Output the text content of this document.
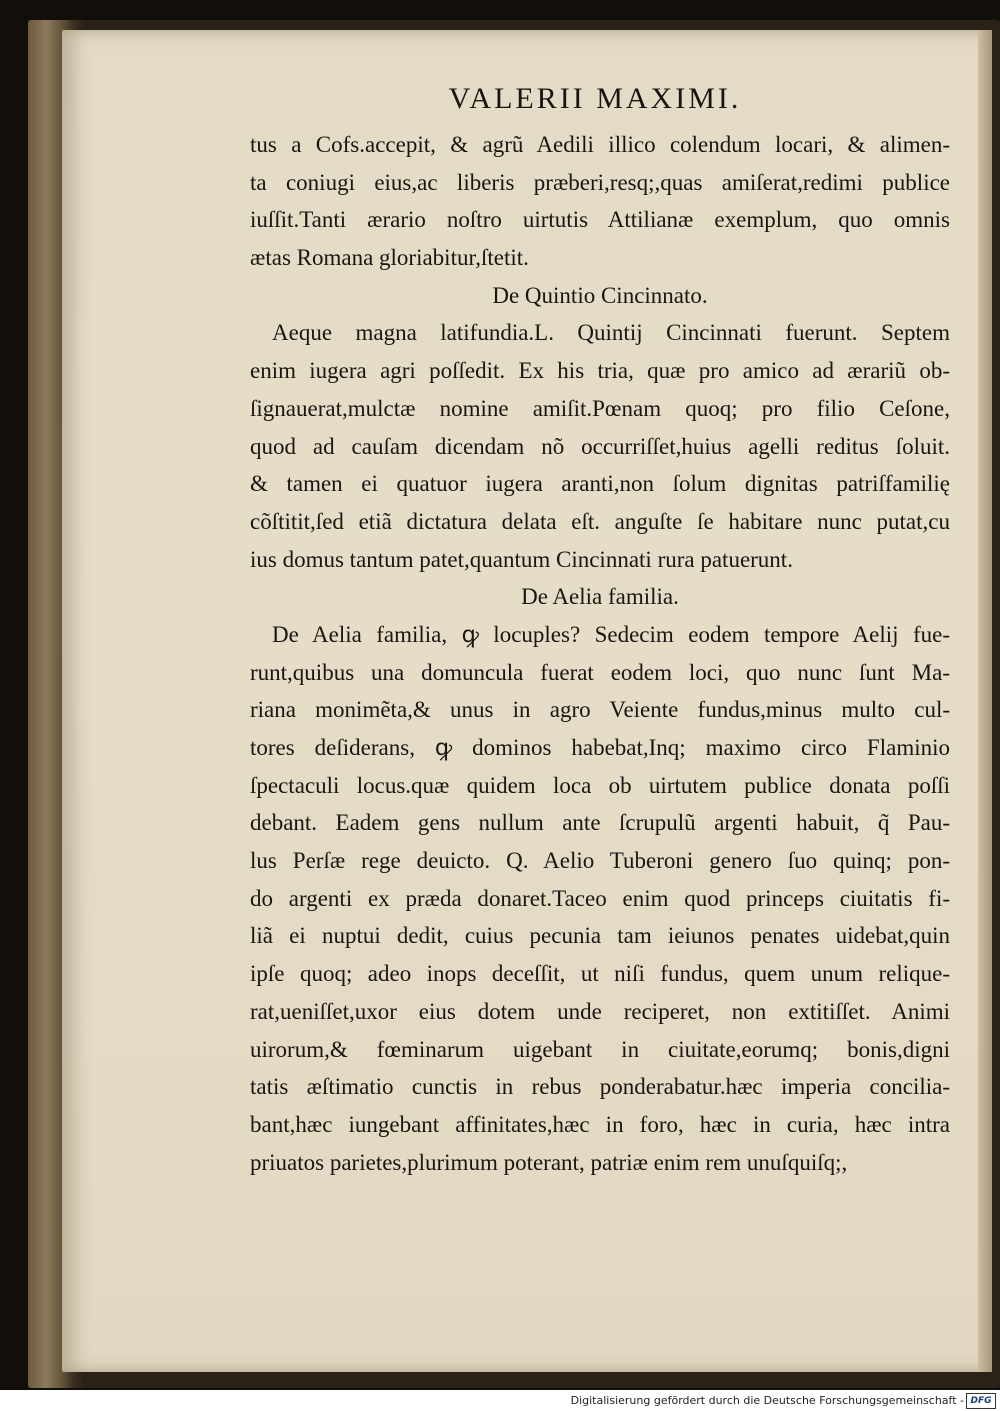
VALERII MAXIMI.
tus a Cofs.accepit, & agrũ Aedili illico colendum locari, & alimen-
ta coniugi eius,ac liberis præberi,resq;,quas amiſerat,redimi publice
iuſſit.Tanti ærario noſtro uirtutis Attilianæ exemplum, quo omnis
ætas Romana gloriabitur,ſtetit.
De Quintio Cincinnato.
Aeque magna latifundia.L. Quintij Cincinnati fuerunt. Septem
enim iugera agri poſſedit. Ex his tria, quæ pro amico ad ærariũ ob-
ſignauerat,mulctæ nomine amiſit.Pœnam quoq; pro filio Ceſone,
quod ad cauſam dicendam nõ occurriſſet,huius agelli reditus ſoluit.
& tamen ei quatuor iugera aranti,non ſolum dignitas patriſfamilię
cõſtitit,ſed etiã dictatura delata eſt. anguſte ſe habitare nunc putat,cu
ius domus tantum patet,quantum Cincinnati rura patuerunt.
De Aelia familia.
De Aelia familia, ꝙ locuples? Sedecim eodem tempore Aelij fue-
runt,quibus una domuncula fuerat eodem loci, quo nunc ſunt Ma-
riana monimẽta,& unus in agro Veiente fundus,minus multo cul-
tores deſiderans, ꝙ dominos habebat,Inq; maximo circo Flaminio
ſpectaculi locus.quæ quidem loca ob uirtutem publice donata poſſi
debant. Eadem gens nullum ante ſcrupulũ argenti habuit, q̃ Pau-
lus Perſæ rege deuicto. Q. Aelio Tuberoni genero ſuo quinq; pon-
do argenti ex præda donaret.Taceo enim quod princeps ciuitatis fi-
liã ei nuptui dedit, cuius pecunia tam ieiunos penates uidebat,quin
ipſe quoq; adeo inops deceſſit, ut niſi fundus, quem unum relique-
rat,ueniſſet,uxor eius dotem unde reciperet, non extitiſſet. Animi
uirorum,& fœminarum uigebant in ciuitate,eorumq; bonis,digni
tatis æſtimatio cunctis in rebus ponderabatur.hæc imperia concilia-
bant,hæc iungebant affinitates,hæc in foro, hæc in curia, hæc intra
priuatos parietes,plurimum poterant, patriæ enim rem unuſquiſq;,
Digitalisierung gefördert durch die Deutsche Forschungsgemeinschaft - DFG
